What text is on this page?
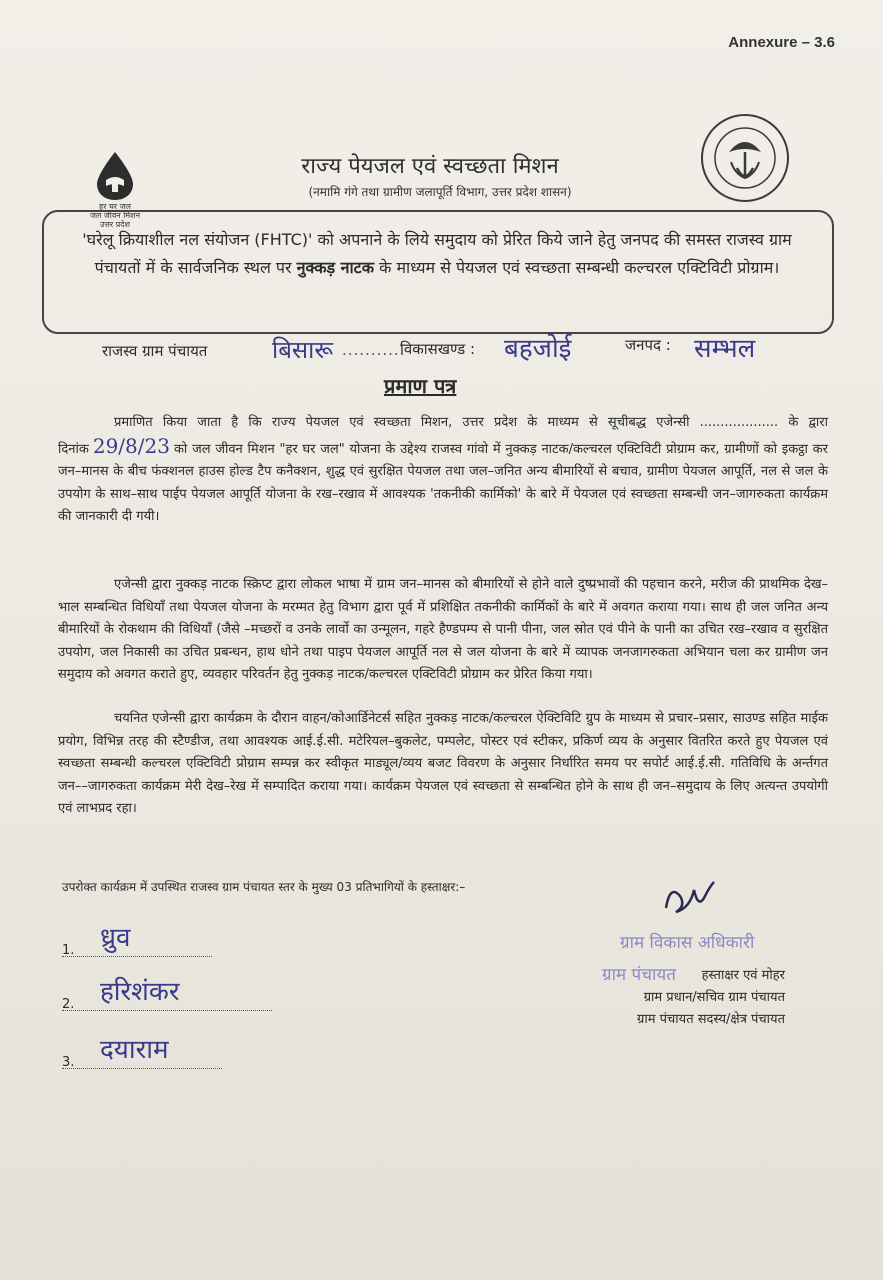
Annexure – 3.6
हर घर जल
जल जीवन मिशन
उत्तर प्रदेश
राज्य पेयजल एवं स्वच्छता मिशन
(नमामि गंगे तथा ग्रामीण जलापूर्ति विभाग, उत्तर प्रदेश शासन)
'घरेलू क्रियाशील नल संयोजन (FHTC)' को अपनाने के लिये समुदाय को प्रेरित किये जाने हेतु जनपद की समस्त राजस्व ग्राम पंचायतों में के सार्वजनिक स्थल पर नुक्कड़ नाटक के माध्यम से पेयजल एवं स्वच्छता सम्बन्धी कल्चरल एक्टिविटी प्रोग्राम।
राजस्व ग्राम पंचायत	बिसारू ...........
विकासखण्ड : बहजोई	जनपद : सम्भल
प्रमाण पत्र
प्रमाणित किया जाता है कि राज्य पेयजल एवं स्वच्छता मिशन, उत्तर प्रदेश के माध्यम से सूचीबद्ध एजेन्सी ................... के द्वारा दिनांक 29/8/23 को जल जीवन मिशन "हर घर जल" योजना के उद्देश्य राजस्व गांवो में नुक्कड़ नाटक/कल्चरल एक्टिविटी प्रोग्राम कर, ग्रामीणों को इकट्ठा कर जन–मानस के बीच फंक्शनल हाउस होल्ड टैप कनैक्शन, शुद्ध एवं सुरक्षित पेयजल तथा जल–जनित अन्य बीमारियों से बचाव, ग्रामीण पेयजल आपूर्ति, नल से जल के उपयोग के साथ–साथ पाईप पेयजल आपूर्ति योजना के रख–रखाव में आवश्यक 'तकनीकी कार्मिको' के बारे में पेयजल एवं स्वच्छता सम्बन्धी जन–जागरुकता कार्यक्रम की जानकारी दी गयी।
एजेन्सी द्वारा नुक्कड़ नाटक स्क्रिप्ट द्वारा लोकल भाषा में ग्राम जन–मानस को बीमारियों से होने वाले दुष्प्रभावों की पहचान करने, मरीज की प्राथमिक देख–भाल सम्बन्धित विधियाँ तथा पेयजल योजना के मरम्मत हेतु विभाग द्वारा पूर्व में प्रशिक्षित तकनीकी कार्मिकों के बारे में अवगत कराया गया। साथ ही जल जनित अन्य बीमारियों के रोकथाम की विधियाँ (जैसे –मच्छरों व उनके लार्वो का उन्मूलन, गहरे हैण्डपम्प से पानी पीना, जल स्रोत एवं पीने के पानी का उचित रख–रखाव व सुरक्षित उपयोग, जल निकासी का उचित प्रबन्धन, हाथ धोने तथा पाइप पेयजल आपूर्ति नल से जल योजना के बारे में व्यापक जनजागरुकता अभियान चला कर ग्रामीण जन समुदाय को अवगत कराते हुए, व्यवहार परिवर्तन हेतु नुक्कड़ नाटक/कल्चरल एक्टिविटी प्रोग्राम कर प्रेरित किया गया।
चयनित एजेन्सी द्वारा कार्यक्रम के दौरान वाहन/कोआर्डिनेटर्स सहित नुक्कड़ नाटक/कल्चरल ऐक्टिविटि ग्रुप के माध्यम से प्रचार–प्रसार, साउण्ड सहित माईक प्रयोग, विभिन्न तरह की स्टैण्डीज, तथा आवश्यक आई.ई.सी. मटेरियल–बुकलेट, पम्पलेट, पोस्टर एवं स्टीकर, प्रकिर्ण व्यय के अनुसार वितरित करते हुए पेयजल एवं स्वच्छता सम्बन्धी कल्चरल एक्टिविटी प्रोग्राम सम्पन्न कर स्वीकृत माड्यूल/व्यय बजट विवरण के अनुसार निर्धारित समय पर सपोर्ट आई.ई.सी. गतिविधि के अर्न्तगत जन––जागरुकता कार्यक्रम मेरी देख–रेख में सम्पादित कराया गया। कार्यक्रम पेयजल एवं स्वच्छता से सम्बन्धित होने के साथ ही जन–समुदाय के लिए अत्यन्त उपयोगी एवं लाभप्रद रहा।
उपरोक्त कार्यक्रम में उपस्थित राजस्व ग्राम पंचायत स्तर के मुख्य 03 प्रतिभागियों के हस्ताक्षर:–
1. ध्रुव
2. हरिशंकर
3. दयाराम
ग्राम विकास अधिकारी
ग्राम पंचायत	हस्ताक्षर एवं मोहर
ग्राम प्रधान/सचिव ग्राम पंचायत
ग्राम पंचायत सदस्य/क्षेत्र पंचायत
